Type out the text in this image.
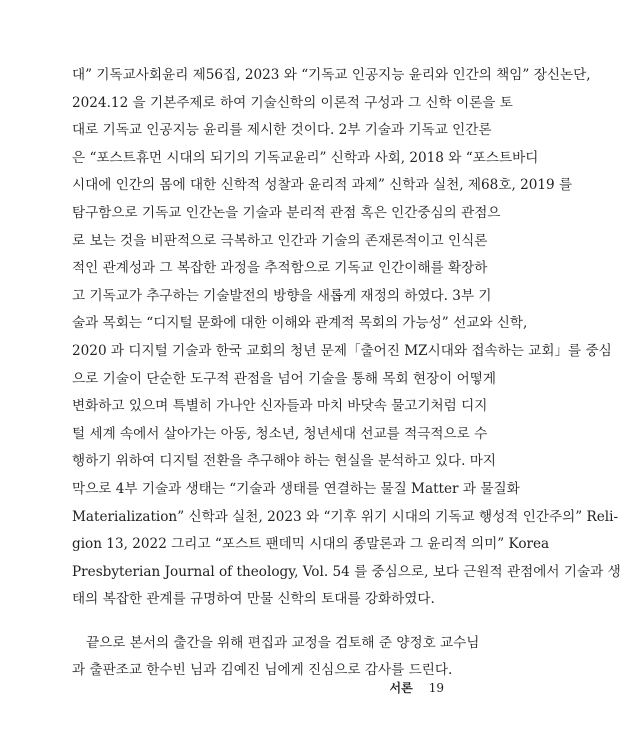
대” 기독교사회윤리 제56집, 2023 와 “기독교 인공지능 윤리와 인간의 책임” 장신논단,
2024.12 을 기본주제로 하여 기술신학의 이론적 구성과 그 신학 이론을 토
대로 기독교 인공지능 윤리를 제시한 것이다. 2부 기술과 기독교 인간론
은 “포스트휴먼 시대의 되기의 기독교윤리” 신학과 사회, 2018 와 “포스트바디
시대에 인간의 몸에 대한 신학적 성찰과 윤리적 과제” 신학과 실천, 제68호, 2019 를
탐구함으로 기독교 인간논을 기술과 분리적 관점 혹은 인간중심의 관점으
로 보는 것을 비판적으로 극복하고 인간과 기술의 존재론적이고 인식론
적인 관계성과 그 복잡한 과정을 추적함으로 기독교 인간이해를 확장하
고 기독교가 추구하는 기술발전의 방향을 새롭게 재정의 하였다. 3부 기
술과 목회는 “디지털 문화에 대한 이해와 관계적 목회의 가능성” 선교와 신학,
2020 과 디지털 기술과 한국 교회의 청년 문제「출어진 MZ시대와 접속하는 교회」를 중심
으로 기술이 단순한 도구적 관점을 넘어 기술을 통해 목회 현장이 어떻게
변화하고 있으며 특별히 가나안 신자들과 마치 바닷속 물고기처럼 디지
털 세계 속에서 살아가는 아동, 청소년, 청년세대 선교를 적극적으로 수
행하기 위하여 디지털 전환을 추구해야 하는 현실을 분석하고 있다. 마지
막으로 4부 기술과 생태는 “기술과 생태를 연결하는 물질 Matter 과 물질화
Materialization” 신학과 실천, 2023 와 “기후 위기 시대의 기독교 행성적 인간주의” Reli-
gion 13, 2022 그리고 “포스트 팬데믹 시대의 종말론과 그 윤리적 의미” Korea
Presbyterian Journal of theology, Vol. 54 를 중심으로, 보다 근원적 관점에서 기술과 생
태의 복잡한 관계를 규명하여 만물 신학의 토대를 강화하였다.

끝으로 본서의 출간을 위해 편집과 교정을 검토해 준 양정호 교수님
과 출판조교 한수빈 님과 김예진 님에게 진심으로 감사를 드린다.

서론 19
